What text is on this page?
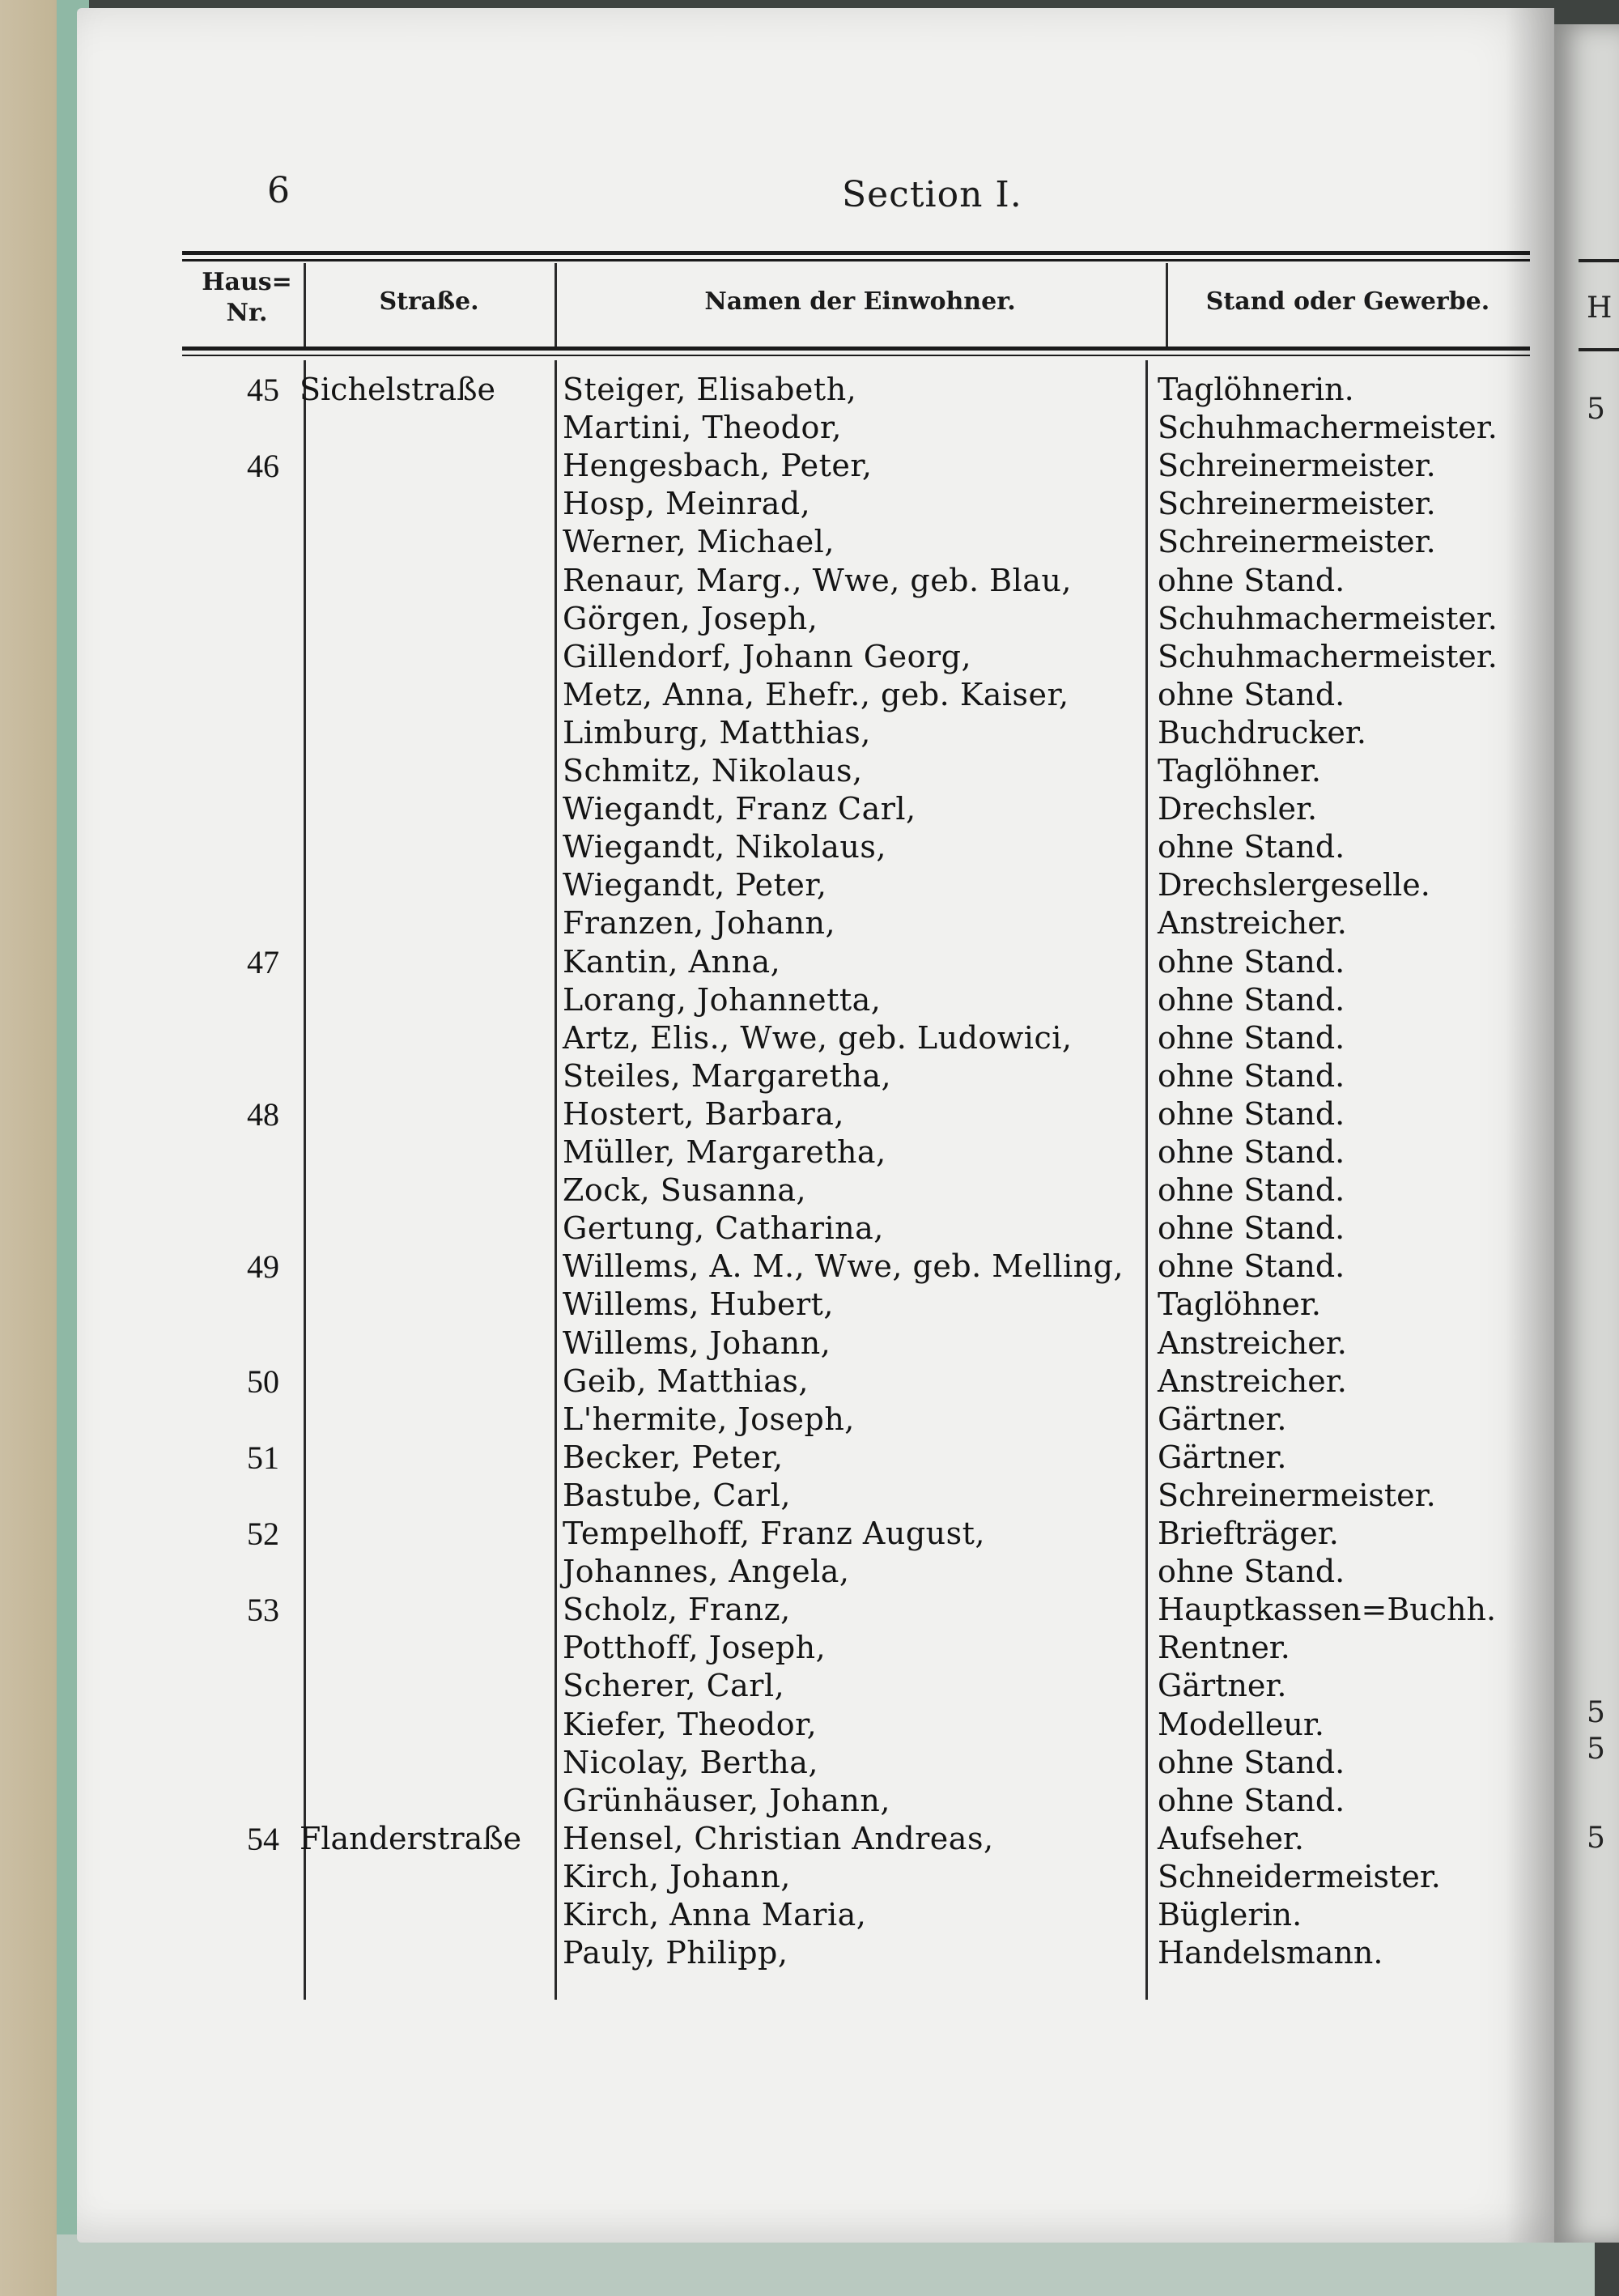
H
5
5
5
5
6	Section I.
Haus=
Nr.	Straße.	Namen der Einwohner.	Stand oder Gewerbe.
45 Sichelstraße	Steiger, Elisabeth,	Taglöhnerin.
Martini, Theodor,	Schuhmachermeister.
46	Hengesbach, Peter,	Schreinermeister.
Hosp, Meinrad,	Schreinermeister.
Werner, Michael,	Schreinermeister.
Renaur, Marg., Wwe, geb. Blau,	ohne Stand.
Görgen, Joseph,	Schuhmachermeister.
Gillendorf, Johann Georg,	Schuhmachermeister.
Metz, Anna, Ehefr., geb. Kaiser,	ohne Stand.
Limburg, Matthias,	Buchdrucker.
Schmitz, Nikolaus,	Taglöhner.
Wiegandt, Franz Carl,	Drechsler.
Wiegandt, Nikolaus,	ohne Stand.
Wiegandt, Peter,	Drechslergeselle.
Franzen, Johann,	Anstreicher.
47	Kantin, Anna,	ohne Stand.
Lorang, Johannetta,	ohne Stand.
Artz, Elis., Wwe, geb. Ludowici,	ohne Stand.
Steiles, Margaretha,	ohne Stand.
48	Hostert, Barbara,	ohne Stand.
Müller, Margaretha,	ohne Stand.
Zock, Susanna,	ohne Stand.
Gertung, Catharina,	ohne Stand.
49	Willems, A. M., Wwe, geb. Melling,	ohne Stand.
Willems, Hubert,	Taglöhner.
Willems, Johann,	Anstreicher.
50	Geib, Matthias,	Anstreicher.
L'hermite, Joseph,	Gärtner.
51	Becker, Peter,	Gärtner.
Bastube, Carl,	Schreinermeister.
52	Tempelhoff, Franz August,	Briefträger.
Johannes, Angela,	ohne Stand.
53	Scholz, Franz,	Hauptkassen=Buchh.
Potthoff, Joseph,	Rentner.
Scherer, Carl,	Gärtner.
Kiefer, Theodor,	Modelleur.
Nicolay, Bertha,	ohne Stand.
Grünhäuser, Johann,	ohne Stand.
54 Flanderstraße	Hensel, Christian Andreas,	Aufseher.
Kirch, Johann,	Schneidermeister.
Kirch, Anna Maria,	Büglerin.
Pauly, Philipp,	Handelsmann.
